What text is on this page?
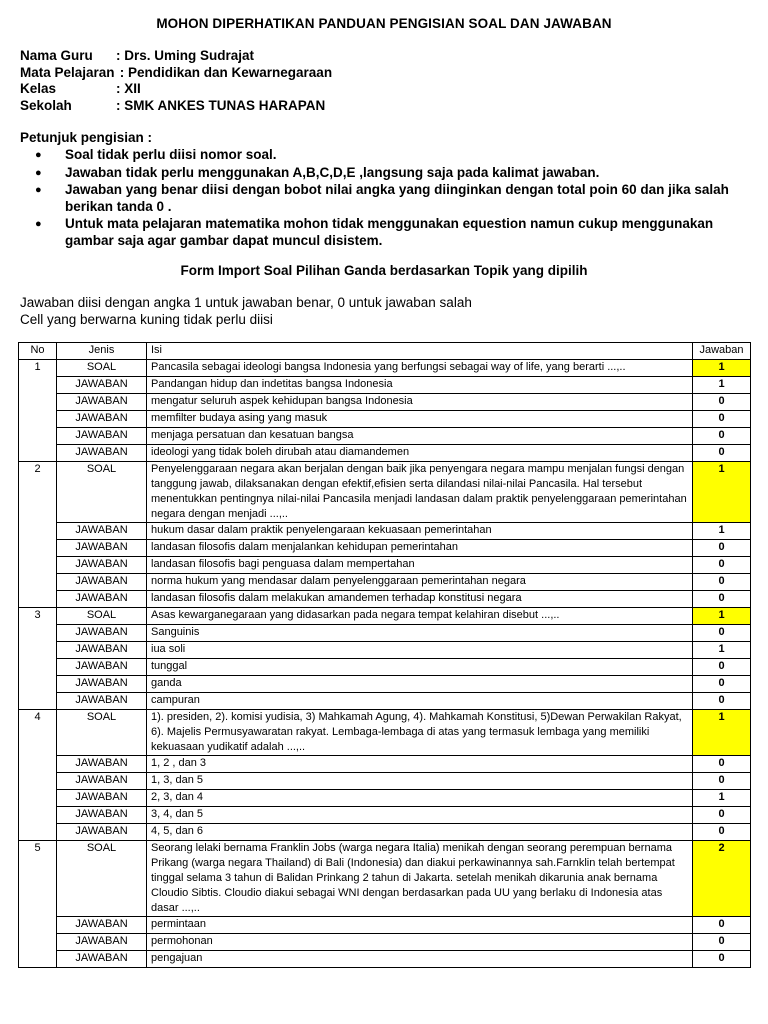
MOHON DIPERHATIKAN PANDUAN PENGISIAN SOAL DAN JAWABAN
Nama Guru : Drs. Uming Sudrajat
Mata Pelajaran : Pendidikan dan Kewarnegaraan
Kelas	: XII
Sekolah	: SMK ANKES TUNAS HARAPAN
Petunjuk pengisian :
● Soal tidak perlu diisi nomor soal.
● Jawaban tidak perlu menggunakan A,B,C,D,E ,langsung saja pada kalimat jawaban.
● Jawaban yang benar diisi dengan bobot nilai angka yang diinginkan dengan total poin 60 dan jika salah berikan tanda 0 .
● Untuk mata pelajaran matematika mohon tidak menggunakan equestion namun cukup menggunakan gambar saja agar gambar dapat muncul disistem.
Form Import Soal Pilihan Ganda berdasarkan Topik yang dipilih
Jawaban diisi dengan angka 1 untuk jawaban benar, 0 untuk jawaban salah
Cell yang berwarna kuning tidak perlu diisi
No	Jenis	Isi	Jawaban
1	SOAL	Pancasila sebagai ideologi bangsa Indonesia yang berfungsi sebagai way of life, yang berarti ...,..	1
	JAWABAN	Pandangan hidup dan indetitas bangsa Indonesia	1
	JAWABAN	mengatur seluruh aspek kehidupan bangsa Indonesia	0
	JAWABAN	memfilter budaya asing yang masuk	0
	JAWABAN	menjaga persatuan dan kesatuan bangsa	0
	JAWABAN	ideologi yang tidak boleh dirubah atau diamandemen	0
2	SOAL	Penyelenggaraan negara akan berjalan dengan baik jika penyengara negara mampu menjalan fungsi dengan tanggung jawab, dilaksanakan dengan efektif,efisien serta dilandasi nilai-nilai Pancasila. Hal tersebut menentukkan pentingnya nilai-nilai Pancasila menjadi landasan dalam praktik penyelenggaraan pemerintahan negara dengan menjadi ...,..	1
	JAWABAN	hukum dasar dalam praktik penyelengaraan kekuasaan pemerintahan	1
	JAWABAN	landasan filosofis dalam menjalankan kehidupan pemerintahan	0
	JAWABAN	landasan filosofis bagi penguasa dalam mempertahan	0
	JAWABAN	norma hukum yang mendasar dalam penyelenggaraan pemerintahan negara	0
	JAWABAN	landasan filosofis dalam melakukan amandemen terhadap konstitusi negara	0
3	SOAL	Asas kewarganegaraan yang didasarkan pada negara tempat kelahiran disebut ...,..	1
	JAWABAN	Sanguinis	0
	JAWABAN	iua soli	1
	JAWABAN	tunggal	0
	JAWABAN	ganda	0
	JAWABAN	campuran	0
4	SOAL	1). presiden, 2). komisi yudisia, 3) Mahkamah Agung, 4). Mahkamah Konstitusi, 5)Dewan Perwakilan Rakyat, 6). Majelis Permusyawaratan rakyat. Lembaga-lembaga di atas yang termasuk lembaga yang memiliki kekuasaan yudikatif adalah ...,..	1
	JAWABAN	1, 2 , dan 3	0
	JAWABAN	1, 3, dan 5	0
	JAWABAN	2, 3, dan 4	1
	JAWABAN	3, 4, dan 5	0
	JAWABAN	4, 5, dan 6	0
5	SOAL	Seorang lelaki bernama Franklin Jobs (warga negara Italia) menikah dengan seorang perempuan bernama Prikang (warga negara Thailand) di Bali (Indonesia) dan diakui perkawinannya sah.Farnklin telah bertempat tinggal selama 3 tahun di Balidan Prinkang 2 tahun di Jakarta. setelah menikah dikarunia anak bernama Cloudio Sibtis. Cloudio diakui sebagai WNI dengan berdasarkan pada UU yang berlaku di Indonesia atas dasar ...,..	2
	JAWABAN	permintaan	0
	JAWABAN	permohonan	0
	JAWABAN	pengajuan	0
